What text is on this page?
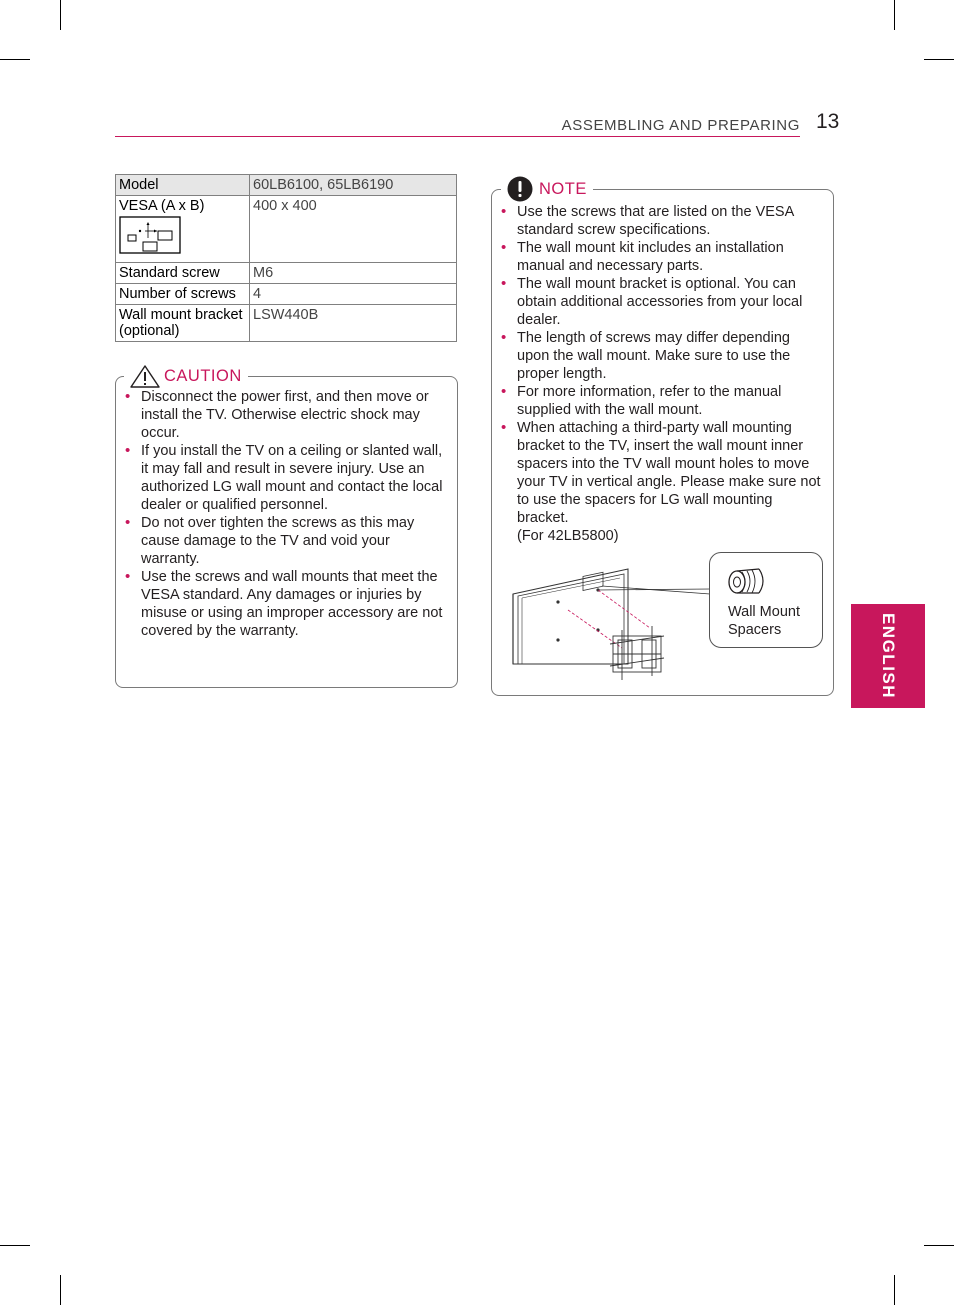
ASSEMBLING AND PREPARING 13
ENGLISH
Model	60LB6100, 65LB6190

VESA (A x B)	400 x 400
Standard screw	M6
Number of screws	4
Wall mount bracket (optional)	LSW440B
CAUTION
• Disconnect the power first, and then move or install the TV. Otherwise electric shock may occur.
• If you install the TV on a ceiling or slanted wall, it may fall and result in severe injury. Use an authorized LG wall mount and contact the local dealer or qualified personnel.
• Do not over tighten the screws as this may cause damage to the TV and void your warranty.
• Use the screws and wall mounts that meet the VESA standard. Any damages or injuries by misuse or using an improper accessory are not covered by the warranty.
NOTE
• Use the screws that are listed on the VESA standard screw specifications.
• The wall mount kit includes an installation manual and necessary parts.
• The wall mount bracket is optional. You can obtain additional accessories from your local dealer.
• The length of screws may differ depending upon the wall mount. Make sure to use the proper length.
• For more information, refer to the manual supplied with the wall mount.
• When attaching a third-party wall mounting bracket to the TV, insert the wall mount inner spacers into the TV wall mount holes to move your TV in vertical angle. Please make sure not to use the spacers for LG wall mounting bracket.
(For 42LB5800)
Wall Mount Spacers
